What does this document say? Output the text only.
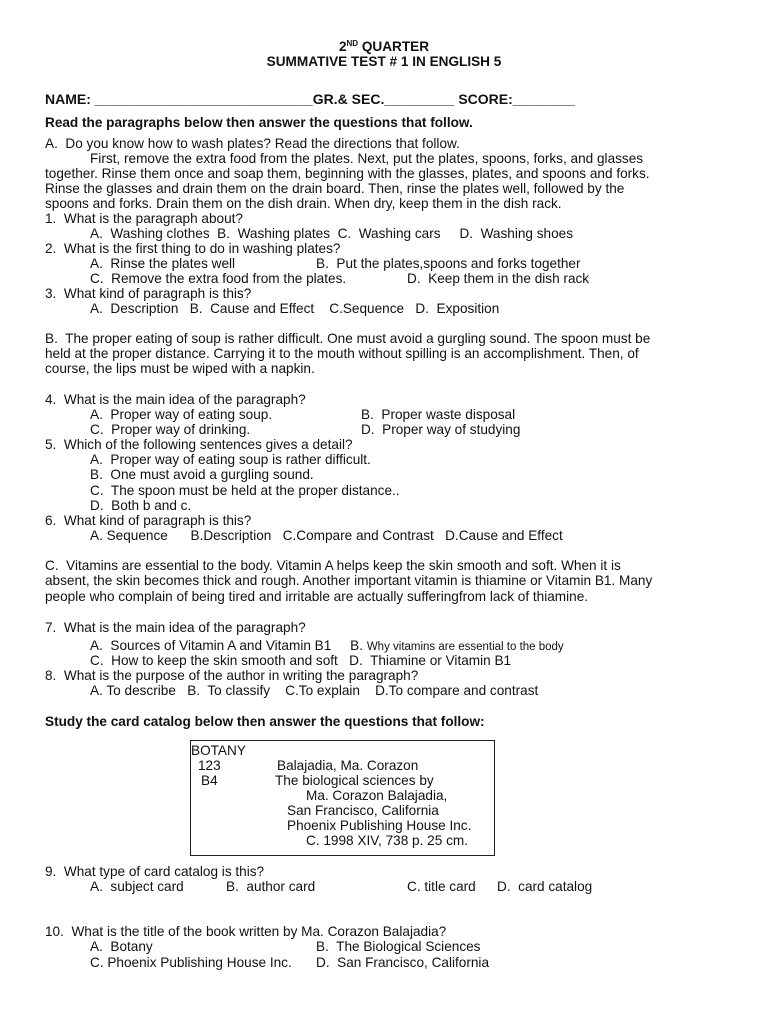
2ND QUARTER
SUMMATIVE TEST # 1 IN ENGLISH 5
NAME: ____________________________GR.& SEC._________ SCORE:________
Read the paragraphs below then answer the questions that follow.
A.  Do you know how to wash plates? Read the directions that follow.
First, remove the extra food from the plates. Next, put the plates, spoons, forks, and glasses
together. Rinse them once and soap them, beginning with the glasses, plates, and spoons and forks.
Rinse the glasses and drain them on the drain board. Then, rinse the plates well, followed by the
spoons and forks. Drain them on the dish drain. When dry, keep them in the dish rack.
1.  What is the paragraph about?
A.  Washing clothes  B.  Washing plates  C.  Washing cars     D.  Washing shoes
2.  What is the first thing to do in washing plates?
A.  Rinse the plates well	B.  Put the plates,spoons and forks together
C.  Remove the extra food from the plates.	D.  Keep them in the dish rack
3.  What kind of paragraph is this?
A.  Description   B.  Cause and Effect    C.Sequence   D.  Exposition
B.  The proper eating of soup is rather difficult. One must avoid a gurgling sound. The spoon must be
held at the proper distance. Carrying it to the mouth without spilling is an accomplishment. Then, of
course, the lips must be wiped with a napkin.
4.  What is the main idea of the paragraph?
A.  Proper way of eating soup.	B.  Proper waste disposal
C.  Proper way of drinking.	D.  Proper way of studying
5.  Which of the following sentences gives a detail?
A.  Proper way of eating soup is rather difficult.
B.  One must avoid a gurgling sound.
C.  The spoon must be held at the proper distance..
D.  Both b and c.
6.  What kind of paragraph is this?
A. Sequence      B.Description   C.Compare and Contrast   D.Cause and Effect
C.  Vitamins are essential to the body. Vitamin A helps keep the skin smooth and soft. When it is
absent, the skin becomes thick and rough. Another important vitamin is thiamine or Vitamin B1. Many
people who complain of being tired and irritable are actually sufferingfrom lack of thiamine.
7.  What is the main idea of the paragraph?
A.  Sources of Vitamin A and Vitamin B1     B. Why vitamins are essential to the body
C.  How to keep the skin smooth and soft   D.  Thiamine or Vitamin B1
8.  What is the purpose of the author in writing the paragraph?
A. To describe   B.  To classify    C.To explain    D.To compare and contrast
Study the card catalog below then answer the questions that follow:
BOTANY
123
B4
Balajadia, Ma. Corazon
The biological sciences by
Ma. Corazon Balajadia,
San Francisco, California
Phoenix Publishing House Inc.
C. 1998 XIV, 738 p. 25 cm.
9.  What type of card catalog is this?
A.  subject card	B.  author card	C. title card D.  card catalog
10.  What is the title of the book written by Ma. Corazon Balajadia?
A.  Botany	B.  The Biological Sciences
C. Phoenix Publishing House Inc. D.  San Francisco, California
